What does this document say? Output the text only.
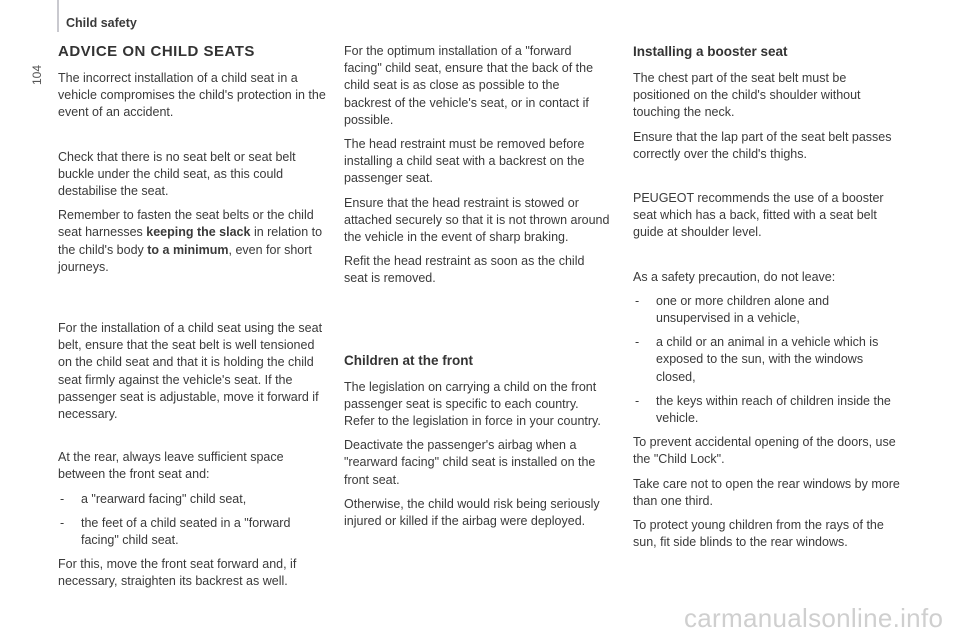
104
Child safety
ADVICE ON CHILD SEATS

The incorrect installation of a child seat in a vehicle compromises the child's protection in the event of an accident.

Check that there is no seat belt or seat belt buckle under the child seat, as this could destabilise the seat.

Remember to fasten the seat belts or the child seat harnesses keeping the slack in relation to the child's body to a minimum, even for short journeys.

For the installation of a child seat using the seat belt, ensure that the seat belt is well tensioned on the child seat and that it is holding the child seat firmly against the vehicle's seat. If the passenger seat is adjustable, move it forward if necessary.

At the rear, always leave sufficient space between the front seat and:

- a "rearward facing" child seat,
- the feet of a child seated in a "forward facing" child seat.

For this, move the front seat forward and, if necessary, straighten its backrest as well.

For the optimum installation of a "forward facing" child seat, ensure that the back of the child seat is as close as possible to the backrest of the vehicle's seat, or in contact if possible.

The head restraint must be removed before installing a child seat with a backrest on the passenger seat.

Ensure that the head restraint is stowed or attached securely so that it is not thrown around the vehicle in the event of sharp braking.

Refit the head restraint as soon as the child seat is removed.

Children at the front

The legislation on carrying a child on the front passenger seat is specific to each country. Refer to the legislation in force in your country.

Deactivate the passenger's airbag when a "rearward facing" child seat is installed on the front seat.

Otherwise, the child would risk being seriously injured or killed if the airbag were deployed.

Installing a booster seat

The chest part of the seat belt must be positioned on the child's shoulder without touching the neck.

Ensure that the lap part of the seat belt passes correctly over the child's thighs.

PEUGEOT recommends the use of a booster seat which has a back, fitted with a seat belt guide at shoulder level.

As a safety precaution, do not leave:

- one or more children alone and unsupervised in a vehicle,
- a child or an animal in a vehicle which is exposed to the sun, with the windows closed,
- the keys within reach of children inside the vehicle.

To prevent accidental opening of the doors, use the "Child Lock".

Take care not to open the rear windows by more than one third.

To protect young children from the rays of the sun, fit side blinds to the rear windows.

carmanualsonline.info
